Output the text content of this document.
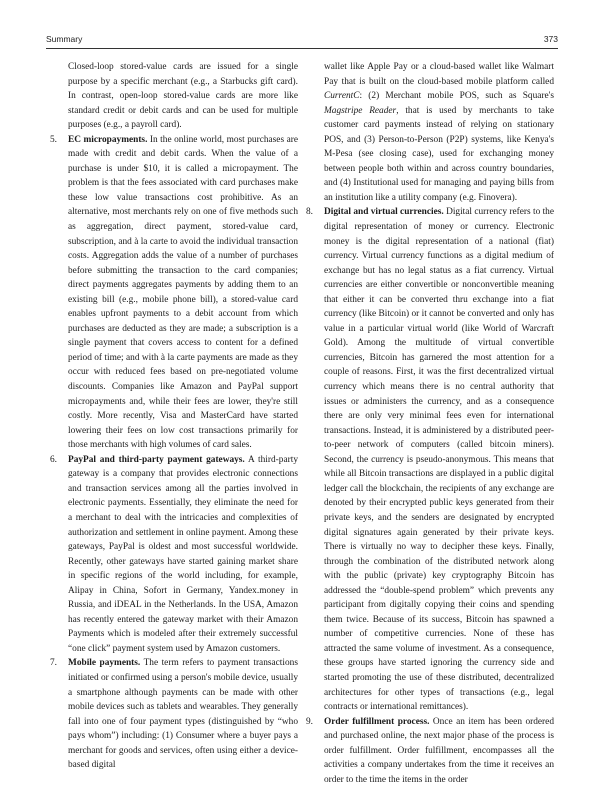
Summary	373

Closed-loop stored-value cards are issued for a single purpose by a specific merchant (e.g., a Starbucks gift card). In contrast, open-loop stored-value cards are more like standard credit or debit cards and can be used for multiple purposes (e.g., a payroll card).

5. EC micropayments. In the online world, most purchases are made with credit and debit cards. When the value of a purchase is under $10, it is called a micropayment. The problem is that the fees associated with card purchases make these low value transactions cost prohibitive. As an alternative, most merchants rely on one of five methods such as aggregation, direct payment, stored-value card, subscription, and à la carte to avoid the individual transaction costs. Aggregation adds the value of a number of purchases before submitting the transaction to the card companies; direct payments aggregates payments by adding them to an existing bill (e.g., mobile phone bill), a stored-value card enables upfront payments to a debit account from which purchases are deducted as they are made; a subscription is a single payment that covers access to content for a defined period of time; and with à la carte payments are made as they occur with reduced fees based on pre-negotiated volume discounts. Companies like Amazon and PayPal support micropayments and, while their fees are lower, they're still costly. More recently, Visa and MasterCard have started lowering their fees on low cost transactions primarily for those merchants with high volumes of card sales.

6. PayPal and third-party payment gateways. A third-party gateway is a company that provides electronic connections and transaction services among all the parties involved in electronic payments. Essentially, they eliminate the need for a merchant to deal with the intricacies and complexities of authorization and settlement in online payment. Among these gateways, PayPal is oldest and most successful worldwide. Recently, other gateways have started gaining market share in specific regions of the world including, for example, Alipay in China, Sofort in Germany, Yandex.money in Russia, and iDEAL in the Netherlands. In the USA, Amazon has recently entered the gateway market with their Amazon Payments which is modeled after their extremely successful “one click” payment system used by Amazon customers.

7. Mobile payments. The term refers to payment transactions initiated or confirmed using a person's mobile device, usually a smartphone although payments can be made with other mobile devices such as tablets and wearables. They generally fall into one of four payment types (distinguished by “who pays whom”) including: (1) Consumer where a buyer pays a merchant for goods and services, often using either a device-based digital

wallet like Apple Pay or a cloud-based wallet like Walmart Pay that is built on the cloud-based mobile platform called CurrentC: (2) Merchant mobile POS, such as Square's Magstripe Reader, that is used by merchants to take customer card payments instead of relying on stationary POS, and (3) Person-to-Person (P2P) systems, like Kenya's M-Pesa (see closing case), used for exchanging money between people both within and across country boundaries, and (4) Institutional used for managing and paying bills from an institution like a utility company (e.g. Finovera).

8. Digital and virtual currencies. Digital currency refers to the digital representation of money or currency. Electronic money is the digital representation of a national (fiat) currency. Virtual currency functions as a digital medium of exchange but has no legal status as a fiat currency. Virtual currencies are either convertible or nonconvertible meaning that either it can be converted thru exchange into a fiat currency (like Bitcoin) or it cannot be converted and only has value in a particular virtual world (like World of Warcraft Gold). Among the multitude of virtual convertible currencies, Bitcoin has garnered the most attention for a couple of reasons. First, it was the first decentralized virtual currency which means there is no central authority that issues or administers the currency, and as a consequence there are only very minimal fees even for international transactions. Instead, it is administered by a distributed peer-to-peer network of computers (called bitcoin miners). Second, the currency is pseudo-anonymous. This means that while all Bitcoin transactions are displayed in a public digital ledger call the blockchain, the recipients of any exchange are denoted by their encrypted public keys generated from their private keys, and the senders are designated by encrypted digital signatures again generated by their private keys. There is virtually no way to decipher these keys. Finally, through the combination of the distributed network along with the public (private) key cryptography Bitcoin has addressed the “double-spend problem” which prevents any participant from digitally copying their coins and spending them twice. Because of its success, Bitcoin has spawned a number of competitive currencies. None of these has attracted the same volume of investment. As a consequence, these groups have started ignoring the currency side and started promoting the use of these distributed, decentralized architectures for other types of transactions (e.g., legal contracts or international remittances).

9. Order fulfillment process. Once an item has been ordered and purchased online, the next major phase of the process is order fulfillment. Order fulfillment, encompasses all the activities a company undertakes from the time it receives an order to the time the items in the order
